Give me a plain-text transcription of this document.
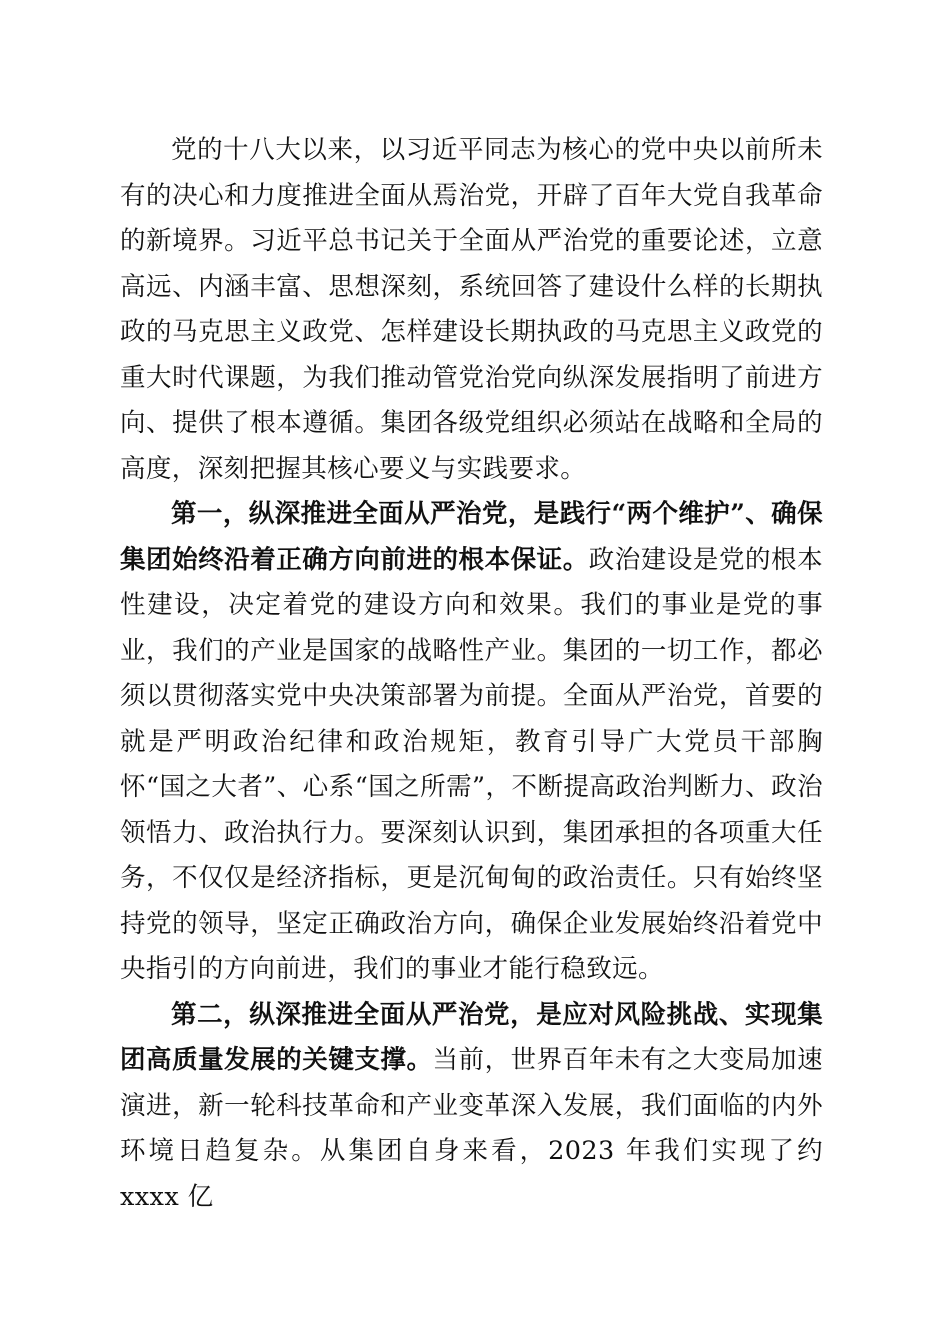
党的十八大以来，以习近平同志为核心的党中央以前所未有的决心和力度推进全面从焉治党，开辟了百年大党自我革命的新境界。习近平总书记关于全面从严治党的重要论述，立意高远、内涵丰富、思想深刻，系统回答了建设什么样的长期执政的马克思主义政党、怎样建设长期执政的马克思主义政党的重大时代课题，为我们推动管党治党向纵深发展指明了前进方向、提供了根本遵循。集团各级党组织必须站在战略和全局的高度，深刻把握其核心要义与实践要求。

第一，纵深推进全面从严治党，是践行“两个维护”、确保集团始终沿着正确方向前进的根本保证。政治建设是党的根本性建设，决定着党的建设方向和效果。我们的事业是党的事业，我们的产业是国家的战略性产业。集团的一切工作，都必须以贯彻落实党中央决策部署为前提。全面从严治党，首要的就是严明政治纪律和政治规矩，教育引导广大党员干部胸怀“国之大者”、心系“国之所需”，不断提高政治判断力、政治领悟力、政治执行力。要深刻认识到，集团承担的各项重大任务，不仅仅是经济指标，更是沉甸甸的政治责任。只有始终坚持党的领导，坚定正确政治方向，确保企业发展始终沿着党中央指引的方向前进，我们的事业才能行稳致远。

第二，纵深推进全面从严治党，是应对风险挑战、实现集团高质量发展的关键支撑。当前，世界百年未有之大变局加速演进，新一轮科技革命和产业变革深入发展，我们面临的内外环境日趋复杂。从集团自身来看，2023 年我们实现了约 xxxx 亿
